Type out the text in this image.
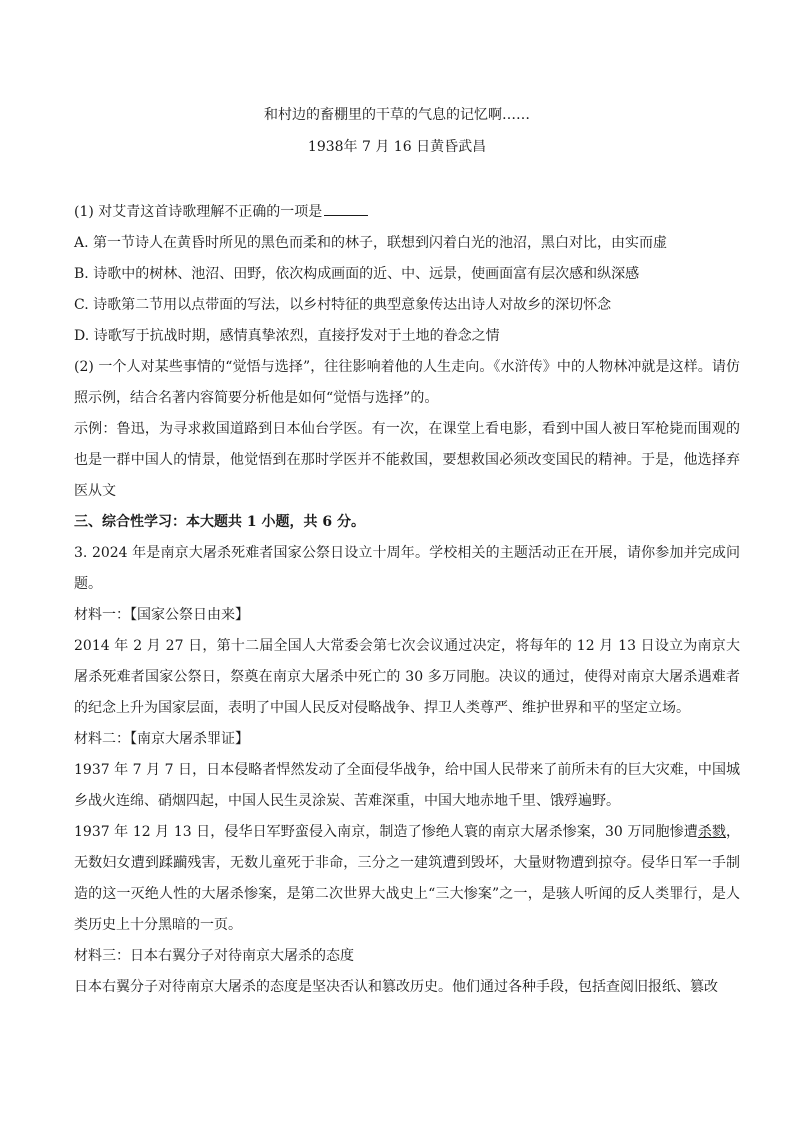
和村边的畜棚里的干草的气息的记忆啊……
1938年 7 月 16 日黄昏武昌

(1) 对艾青这首诗歌理解不正确的一项是

A. 第一节诗人在黄昏时所见的黑色而柔和的林子，联想到闪着白光的池沼，黑白对比，由实而虚

B. 诗歌中的树林、池沼、田野，依次构成画面的近、中、远景，使画面富有层次感和纵深感

C. 诗歌第二节用以点带面的写法，以乡村特征的典型意象传达出诗人对故乡的深切怀念

D. 诗歌写于抗战时期，感情真挚浓烈，直接抒发对于土地的眷念之情

(2) 一个人对某些事情的“觉悟与选择”，往往影响着他的人生走向。《水浒传》中的人物林冲就是这样。请仿照示例，结合名著内容简要分析他是如何“觉悟与选择”的。

示例：鲁迅，为寻求救国道路到日本仙台学医。有一次，在课堂上看电影，看到中国人被日军枪毙而围观的也是一群中国人的情景，他觉悟到在那时学医并不能救国，要想救国必须改变国民的精神。于是，他选择弃医从文

三、综合性学习：本大题共 1 小题，共 6 分。

3. 2024 年是南京大屠杀死难者国家公祭日设立十周年。学校相关的主题活动正在开展，请你参加并完成问题。

材料一：【国家公祭日由来】

2014 年 2 月 27 日，第十二届全国人大常委会第七次会议通过决定，将每年的 12 月 13 日设立为南京大屠杀死难者国家公祭日，祭奠在南京大屠杀中死亡的 30 多万同胞。决议的通过，使得对南京大屠杀遇难者的纪念上升为国家层面，表明了中国人民反对侵略战争、捍卫人类尊严、维护世界和平的坚定立场。

材料二：【南京大屠杀罪证】

1937 年 7 月 7 日，日本侵略者悍然发动了全面侵华战争，给中国人民带来了前所未有的巨大灾难，中国城乡战火连绵、硝烟四起，中国人民生灵涂炭、苦难深重，中国大地赤地千里、饿殍遍野。

1937 年 12 月 13 日，侵华日军野蛮侵入南京，制造了惨绝人寰的南京大屠杀惨案，30 万同胞惨遭杀戮，无数妇女遭到蹂躏残害，无数儿童死于非命，三分之一建筑遭到毁坏，大量财物遭到掠夺。侵华日军一手制造的这一灭绝人性的大屠杀惨案，是第二次世界大战史上“三大惨案”之一，是骇人听闻的反人类罪行，是人类历史上十分黑暗的一页。

材料三：日本右翼分子对待南京大屠杀的态度

日本右翼分子对待南京大屠杀的态度是坚决否认和篡改历史。他们通过各种手段，包括查阅旧报纸、篡改
